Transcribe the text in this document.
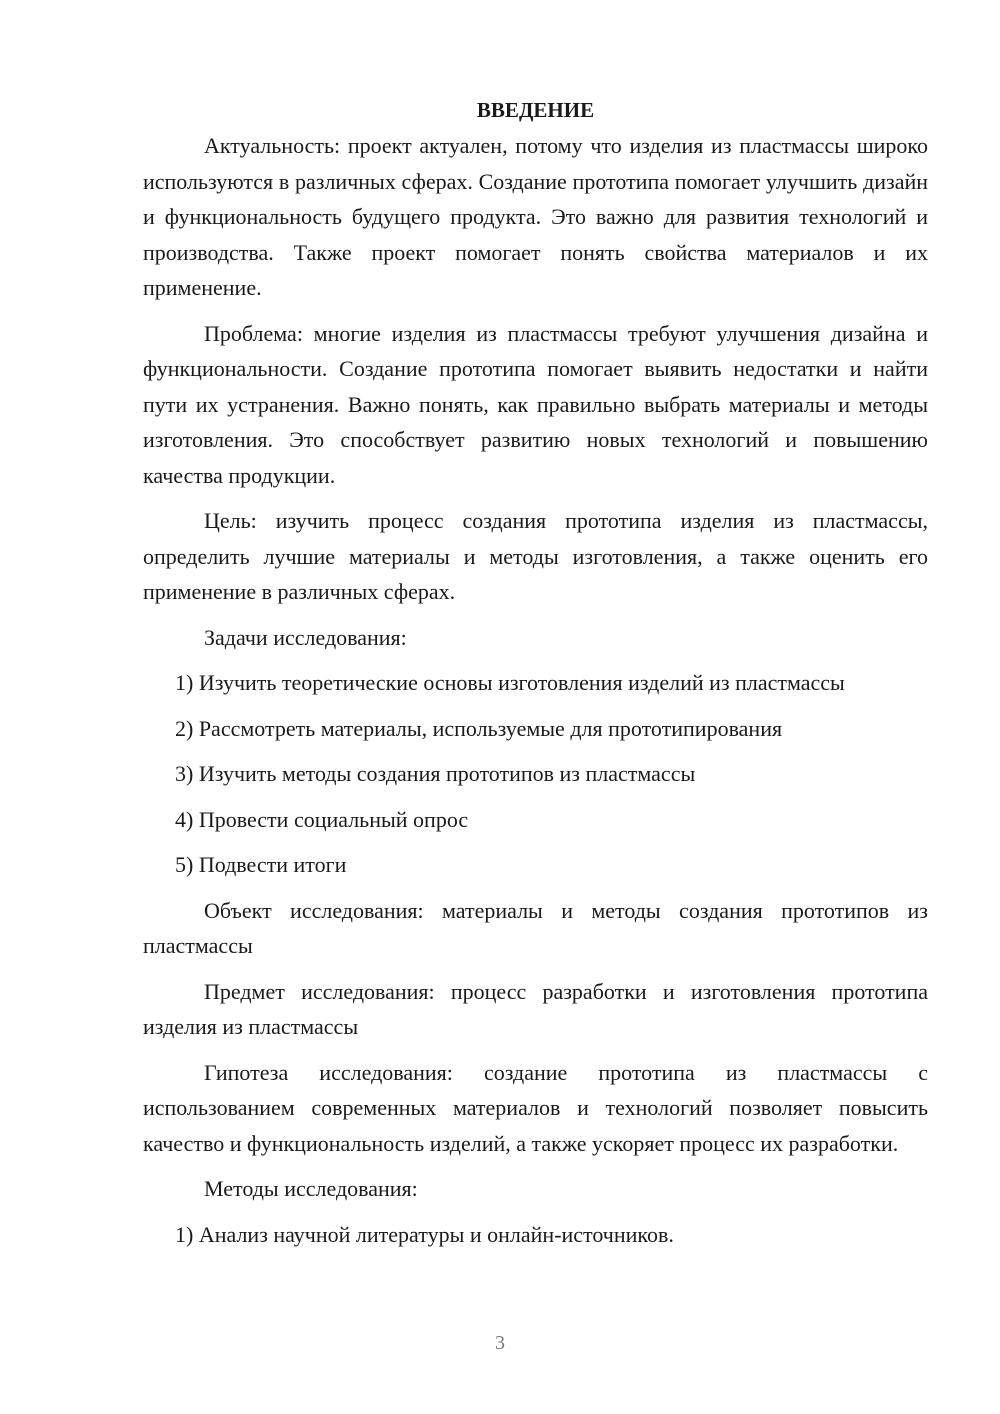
ВВЕДЕНИЕ

Актуальность: проект актуален, потому что изделия из пластмассы широко используются в различных сферах. Создание прототипа помогает улучшить дизайн и функциональность будущего продукта. Это важно для развития технологий и производства. Также проект помогает понять свойства материалов и их применение.

Проблема: многие изделия из пластмассы требуют улучшения дизайна и функциональности. Создание прототипа помогает выявить недостатки и найти пути их устранения. Важно понять, как правильно выбрать материалы и методы изготовления. Это способствует развитию новых технологий и повышению качества продукции.

Цель: изучить процесс создания прототипа изделия из пластмассы, определить лучшие материалы и методы изготовления, а также оценить его применение в различных сферах.

Задачи исследования:

1) Изучить теоретические основы изготовления изделий из пластмассы

2) Рассмотреть материалы, используемые для прототипирования

3) Изучить методы создания прототипов из пластмассы

4) Провести социальный опрос

5) Подвести итоги

Объект исследования: материалы и методы создания прототипов из пластмассы

Предмет исследования: процесс разработки и изготовления прототипа изделия из пластмассы

Гипотеза исследования: создание прототипа из пластмассы с использованием современных материалов и технологий позволяет повысить качество и функциональность изделий, а также ускоряет процесс их разработки.

Методы исследования:

1) Анализ научной литературы и онлайн-источников.

3
